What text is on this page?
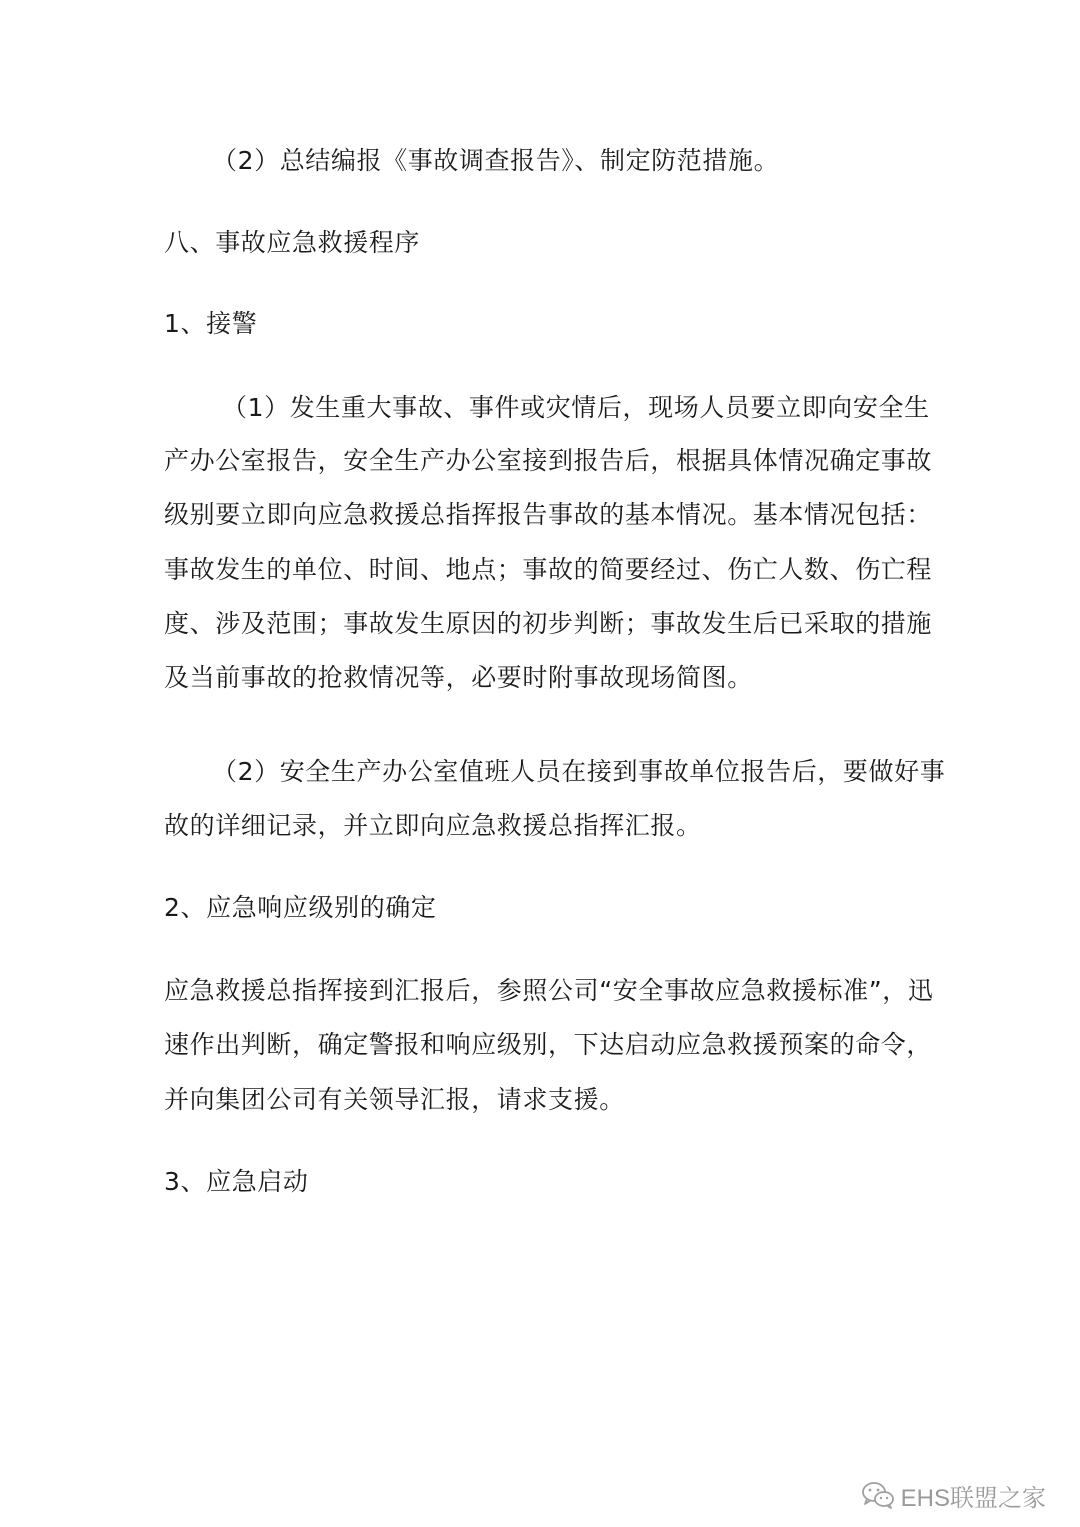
（2）总结编报《事故调查报告》、制定防范措施。
八、事故应急救援程序
1、接警
（1）发生重大事故、事件或灾情后，现场人员要立即向安全生
产办公室报告，安全生产办公室接到报告后，根据具体情况确定事故
级别要立即向应急救援总指挥报告事故的基本情况。基本情况包括：
事故发生的单位、时间、地点；事故的简要经过、伤亡人数、伤亡程
度、涉及范围；事故发生原因的初步判断；事故发生后已采取的措施
及当前事故的抢救情况等，必要时附事故现场简图。
（2）安全生产办公室值班人员在接到事故单位报告后，要做好事
故的详细记录，并立即向应急救援总指挥汇报。
2、应急响应级别的确定
应急救援总指挥接到汇报后，参照公司“安全事故应急救援标准”，迅
速作出判断，确定警报和响应级别，下达启动应急救援预案的命令，
并向集团公司有关领导汇报，请求支援。
3、应急启动
EHS联盟之家
